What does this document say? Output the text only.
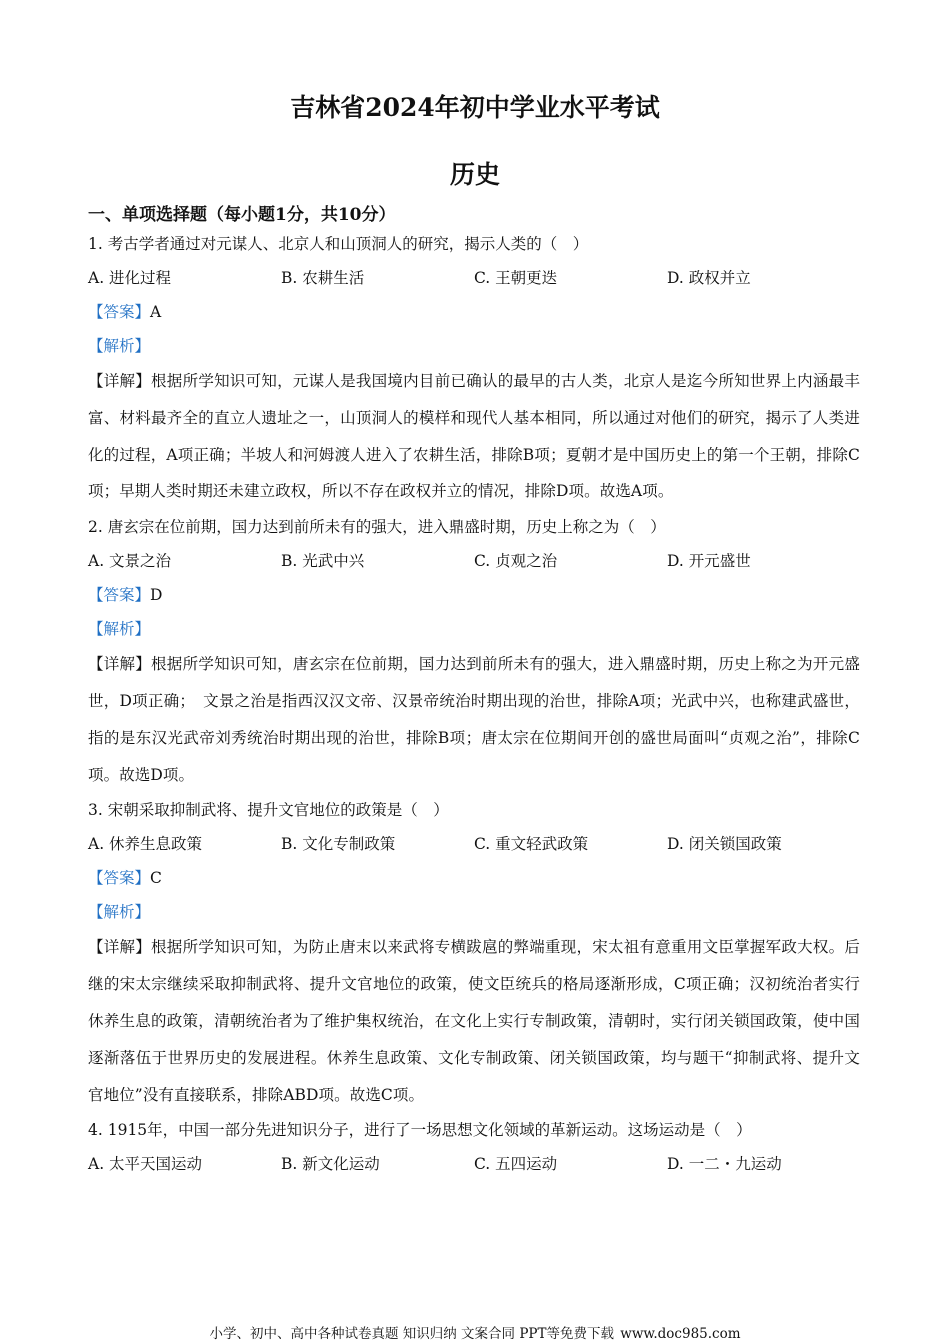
吉林省2024年初中学业水平考试
历史
一、单项选择题（每小题1分，共10分）
1. 考古学者通过对元谋人、北京人和山顶洞人的研究，揭示人类的（　）
A. 进化过程	B. 农耕生活	C. 王朝更迭	D. 政权并立
【答案】A
【解析】
【详解】根据所学知识可知，元谋人是我国境内目前已确认的最早的古人类，北京人是迄今所知世界上内涵最丰富、材料最齐全的直立人遗址之一，山顶洞人的模样和现代人基本相同，所以通过对他们的研究，揭示了人类进化的过程，A项正确；半坡人和河姆渡人进入了农耕生活，排除B项；夏朝才是中国历史上的第一个王朝，排除C项；早期人类时期还未建立政权，所以不存在政权并立的情况，排除D项。故选A项。
2. 唐玄宗在位前期，国力达到前所未有的强大，进入鼎盛时期，历史上称之为（　）
A. 文景之治	B. 光武中兴	C. 贞观之治	D. 开元盛世
【答案】D
【解析】
【详解】根据所学知识可知，唐玄宗在位前期，国力达到前所未有的强大，进入鼎盛时期，历史上称之为开元盛世，D项正确；　文景之治是指西汉汉文帝、汉景帝统治时期出现的治世，排除A项；光武中兴，也称建武盛世，指的是东汉光武帝刘秀统治时期出现的治世，排除B项；唐太宗在位期间开创的盛世局面叫“贞观之治”，排除C项。故选D项。
3. 宋朝采取抑制武将、提升文官地位的政策是（　）
A. 休养生息政策	B. 文化专制政策	C. 重文轻武政策	D. 闭关锁国政策
【答案】C
【解析】
【详解】根据所学知识可知，为防止唐末以来武将专横跋扈的弊端重现，宋太祖有意重用文臣掌握军政大权。后继的宋太宗继续采取抑制武将、提升文官地位的政策，使文臣统兵的格局逐渐形成，C项正确；汉初统治者实行休养生息的政策，清朝统治者为了维护集权统治，在文化上实行专制政策，清朝时，实行闭关锁国政策，使中国逐渐落伍于世界历史的发展进程。休养生息政策、文化专制政策、闭关锁国政策，均与题干“抑制武将、提升文官地位”没有直接联系，排除ABD项。故选C项。
4. 1915年，中国一部分先进知识分子，进行了一场思想文化领域的革新运动。这场运动是（　）
A. 太平天国运动	B. 新文化运动	C. 五四运动	D. 一二・九运动
小学、初中、高中各种试卷真题 知识归纳 文案合同 PPT等免费下载 www.doc985.com
